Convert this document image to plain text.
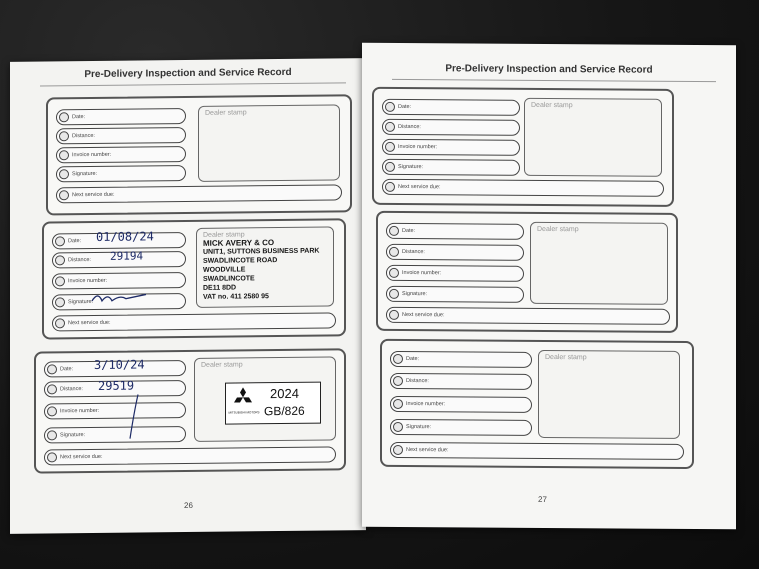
Pre-Delivery Inspection and Service Record
Date:
Distance:
Invoice number:
Signature:
Next service due:
Dealer stamp
Date:
Distance:
Invoice number:
Signature:
Next service due:
01/08/24
29194
Dealer stamp
MICK AVERY & CO
UNIT1, SUTTONS BUSINESS PARK
SWADLINCOTE ROAD
WOODVILLE
SWADLINCOTE
DE11 8DD
VAT no. 411 2580 95
Date:
Distance:
Invoice number:
Signature:
Next service due:
3/10/24
29519
Dealer stamp
MITSUBISHI MOTORS
2024
GB/826
26
Pre-Delivery Inspection and Service Record
Date:
Distance:
Invoice number:
Signature:
Next service due:
Dealer stamp
Date:
Distance:
Invoice number:
Signature:
Next service due:
Dealer stamp
Date:
Distance:
Invoice number:
Signature:
Next service due:
Dealer stamp
27
